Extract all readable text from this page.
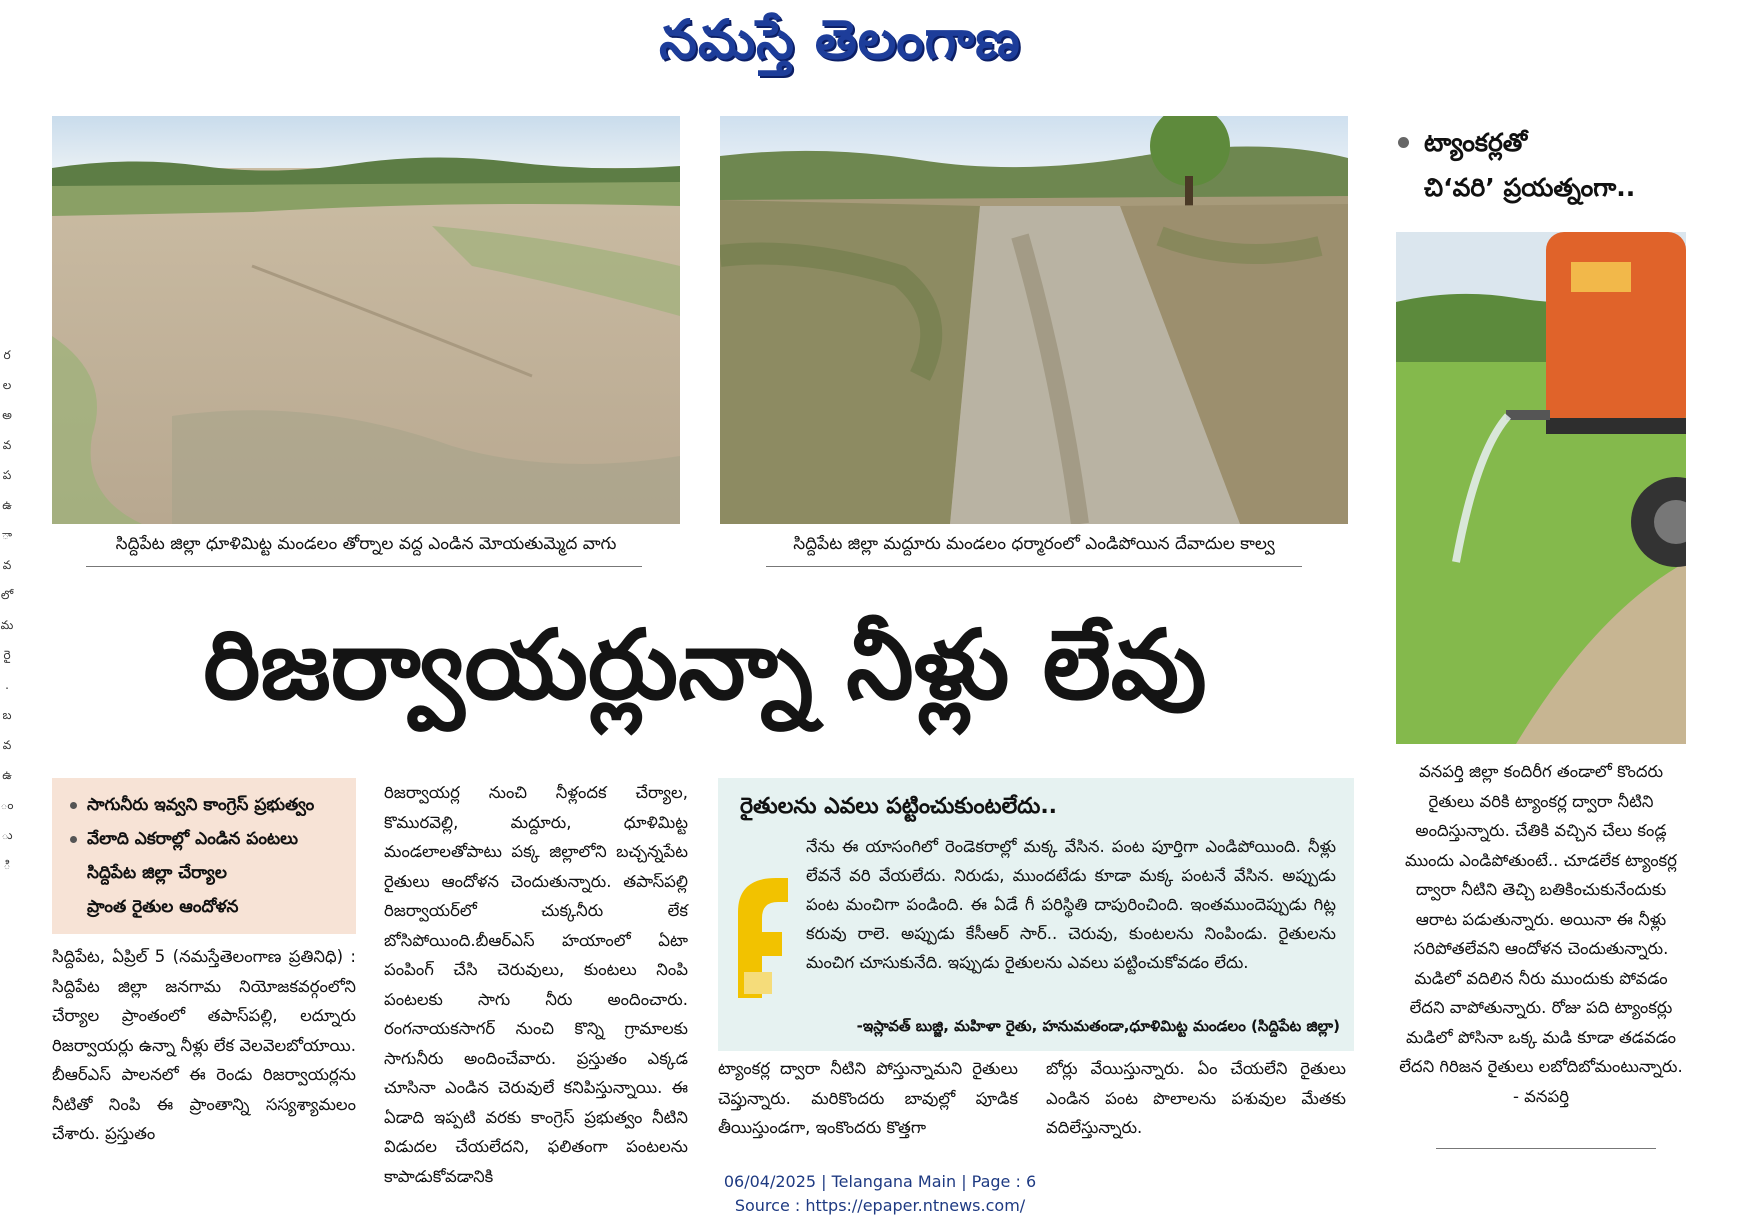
నమస్తే తెలంగాణ
ర
ల
అ
వ
ప
ఉ
ా
వ
లో
మ
రై
.
బ
వ
ఉ
ం
ు
ి
సిద్దిపేట జిల్లా ధూళిమిట్ట మండలం తోర్నాల వద్ద ఎండిన మోయతుమ్మెద వాగు	సిద్దిపేట జిల్లా మద్దూరు మండలం ధర్మారంలో ఎండిపోయిన దేవాదుల కాల్వ
ట్యాంకర్లతో
చి‘వరి’ ప్రయత్నంగా..
వనపర్తి జిల్లా కందిరీగ తండాలో కొందరు రైతులు వరికి ట్యాంకర్ల ద్వారా నీటిని అందిస్తున్నారు. చేతికి వచ్చిన చేలు కండ్ల ముందు ఎండిపోతుంటే.. చూడలేక ట్యాంకర్ల ద్వారా నీటిని తెచ్చి బతికించుకునేందుకు ఆరాట పడుతున్నారు. అయినా ఈ నీళ్లు సరిపోతలేవని ఆందోళన చెందుతున్నారు. మడిలో వదిలిన నీరు ముందుకు పోవడం లేదని వాపోతున్నారు. రోజు పది ట్యాంకర్లు మడిలో పోసినా ఒక్క మడి కూడా తడవడం లేదని గిరిజన రైతులు లబోదిబోమంటున్నారు. - వనపర్తి
రిజర్వాయర్లున్నా నీళ్లు లేవు
సాగునీరు ఇవ్వని కాంగ్రెస్ ప్రభుత్వం
వేలాది ఎకరాల్లో ఎండిన పంటలు
సిద్దిపేట జిల్లా చేర్యాల
ప్రాంత రైతుల ఆందోళన

సిద్దిపేట, ఏప్రిల్ 5 (నమస్తేతెలంగాణ ప్రతినిధి) : సిద్దిపేట జిల్లా జనగామ నియోజకవర్గంలోని చేర్యాల ప్రాంతంలో తపాస్‌పల్లి, లద్నూరు రిజర్వాయర్లు ఉన్నా నీళ్లు లేక వెలవెలబోయాయి. బీఆర్‌ఎస్ పాలనలో ఈ రెండు రిజర్వాయర్లను నీటితో నింపి ఈ ప్రాంతాన్ని సస్యశ్యామలం చేశారు. ప్రస్తుతం

రిజర్వాయర్ల నుంచి నీళ్లందక చేర్యాల, కొమురవెల్లి, మద్దూరు, ధూళిమిట్ట మండలాలతోపాటు పక్క జిల్లాలోని బచ్చన్నపేట రైతులు ఆందోళన చెందుతున్నారు. తపాస్‌పల్లి రిజర్వాయర్‌లో చుక్కనీరు లేక బోసిపోయింది.బీఆర్‌ఎస్ హయాంలో ఏటా పంపింగ్ చేసి చెరువులు, కుంటలు నింపి పంటలకు సాగు నీరు అందించారు. రంగనాయకసాగర్ నుంచి కొన్ని గ్రామాలకు సాగునీరు అందించేవారు. ప్రస్తుతం ఎక్కడ చూసినా ఎండిన చెరువులే కనిపిస్తున్నాయి. ఈ ఏడాది ఇప్పటి వరకు కాంగ్రెస్ ప్రభుత్వం నీటిని విడుదల చేయలేదని, ఫలితంగా పంటలను కాపాడుకోవడానికి

రైతులను ఎవలు పట్టించుకుంటలేదు..
నేను ఈ యాసంగిలో రెండెకరాల్లో మక్క వేసిన. పంట పూర్తిగా ఎండిపోయింది. నీళ్లు లేవనే వరి వేయలేదు. నిరుడు, ముందటేడు కూడా మక్క పంటనే వేసిన. అప్పుడు పంట మంచిగా పండింది. ఈ ఏడే గీ పరిస్థితి దాపురించింది. ఇంతముందెప్పుడు గిట్ల కరువు రాలె. అప్పుడు కేసీఆర్ సార్.. చెరువు, కుంటలను నింపిండు. రైతులను మంచిగ చూసుకునేది. ఇప్పుడు రైతులను ఎవలు పట్టించుకోవడం లేదు.
-ఇస్లావత్ బుజ్జి, మహిళా రైతు, హనుమతండా,ధూళిమిట్ట మండలం (సిద్దిపేట జిల్లా)

ట్యాంకర్ల ద్వారా నీటిని పోస్తున్నామని రైతులు చెప్తున్నారు. మరికొందరు బావుల్లో పూడిక తీయిస్తుండగా, ఇంకొందరు కొత్తగా

బోర్లు వేయిస్తున్నారు. ఏం చేయలేని రైతులు ఎండిన పంట పొలాలను పశువుల మేతకు వదిలేస్తున్నారు.

06/04/2025 | Telangana Main | Page : 6
Source : https://epaper.ntnews.com/
